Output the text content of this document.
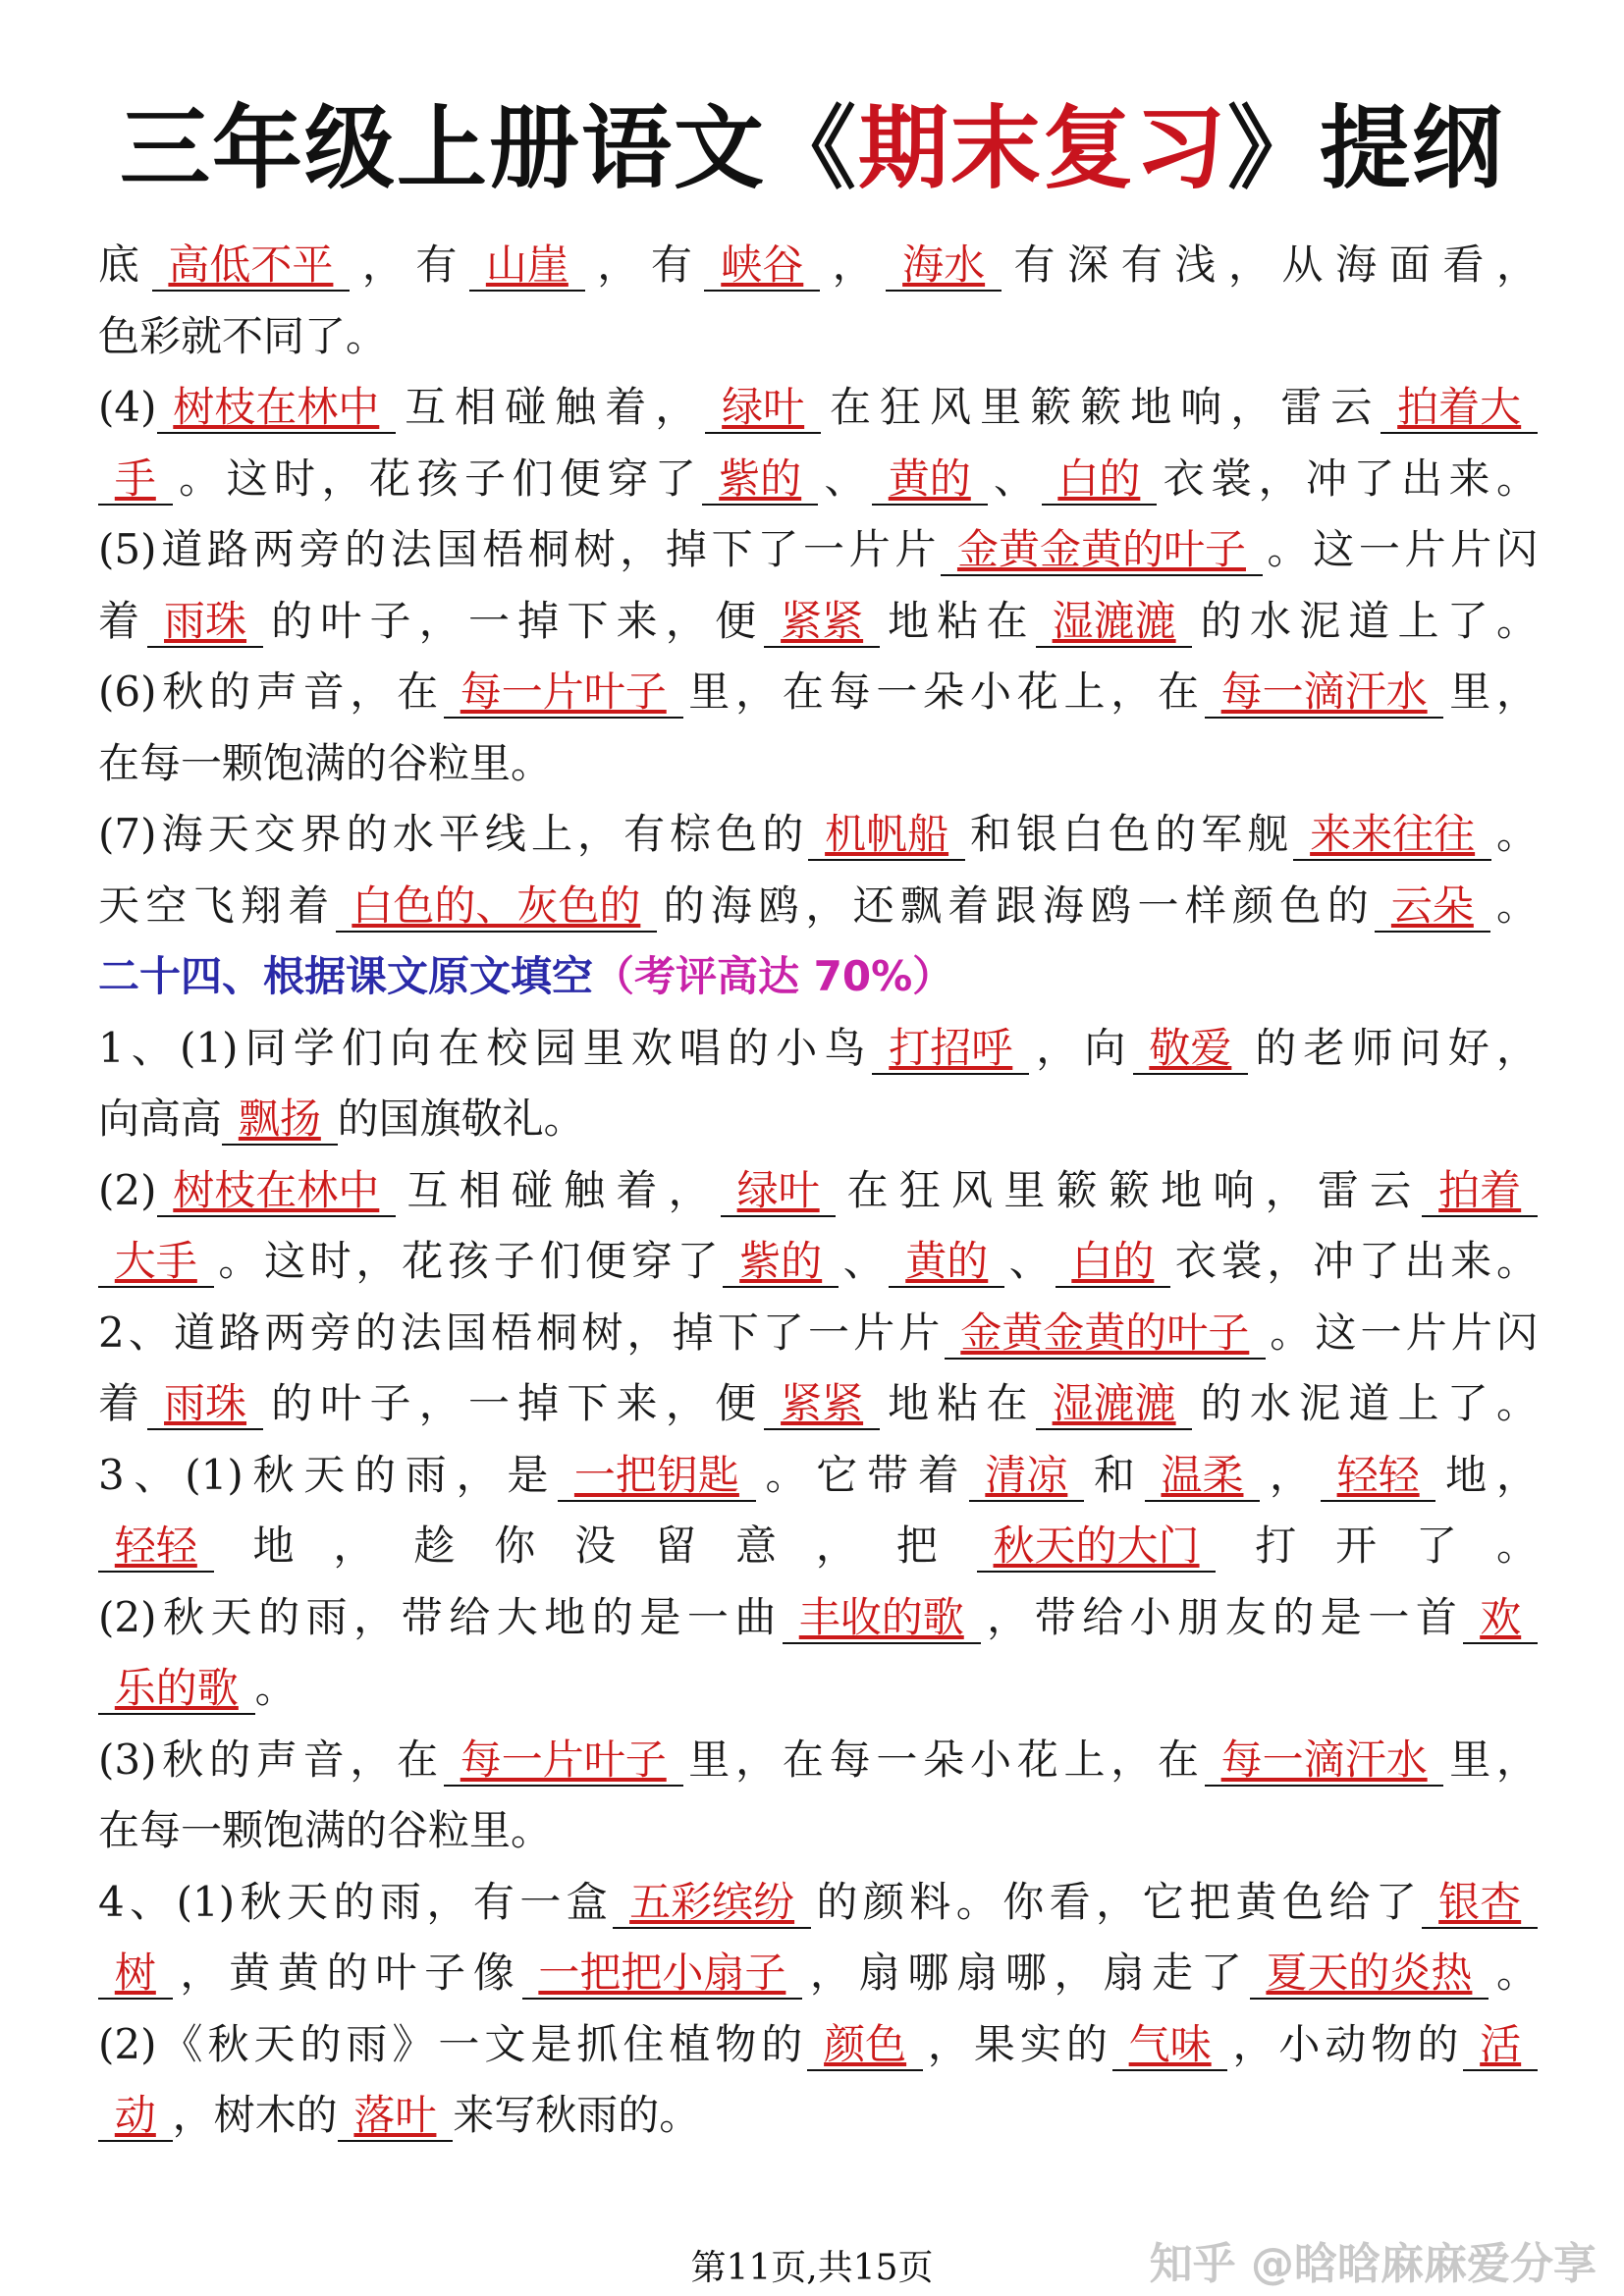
三年级上册语文《期末复习》提纲
底 高低不平 ，有 山崖 ，有 峡谷 ， 海水 有深有浅，从海面看，
色彩就不同了。
(4) 树枝在林中 互相碰触着， 绿叶 在狂风里簌簌地响，雷云 拍着大
手 。这时，花孩子们便穿了 紫的 、 黄的 、 白的 衣裳，冲了出来。
(5)道路两旁的法国梧桐树，掉下了一片片 金黄金黄的叶子 。这一片片闪
着 雨珠 的叶子，一掉下来，便 紧紧 地粘在 湿漉漉 的水泥道上了。
(6)秋的声音，在 每一片叶子 里，在每一朵小花上，在 每一滴汗水 里，
在每一颗饱满的谷粒里。
(7)海天交界的水平线上，有棕色的 机帆船 和银白色的军舰 来来往往 。
天空飞翔着 白色的、灰色的 的海鸥，还飘着跟海鸥一样颜色的 云朵 。
二十四、根据课文原文填空（考评高达 70%）
1、(1)同学们向在校园里欢唱的小鸟 打招呼 ，向 敬爱 的老师问好，
向高高 飘扬 的国旗敬礼。
(2) 树枝在林中 互相碰触着， 绿叶 在狂风里簌簌地响，雷云 拍着
大手 。这时，花孩子们便穿了 紫的 、 黄的 、 白的 衣裳，冲了出来。
2、道路两旁的法国梧桐树，掉下了一片片 金黄金黄的叶子 。这一片片闪
着 雨珠 的叶子，一掉下来，便 紧紧 地粘在 湿漉漉 的水泥道上了。
3、(1)秋天的雨，是 一把钥匙 。它带着 清凉 和 温柔 ， 轻轻 地，
轻轻 地，趁你没留意，把 秋天的大门 打开了。
(2)秋天的雨，带给大地的是一曲 丰收的歌 ，带给小朋友的是一首 欢
乐的歌 。
(3)秋的声音，在 每一片叶子 里，在每一朵小花上，在 每一滴汗水 里，
在每一颗饱满的谷粒里。
4、(1)秋天的雨，有一盒 五彩缤纷 的颜料。你看，它把黄色给了 银杏
树 ，黄黄的叶子像 一把把小扇子 ，扇哪扇哪，扇走了 夏天的炎热 。
(2)《秋天的雨》一文是抓住植物的 颜色 ，果实的 气味 ，小动物的 活
动 ，树木的 落叶 来写秋雨的。
第11页,共15页	知乎 @晗晗麻麻爱分享
